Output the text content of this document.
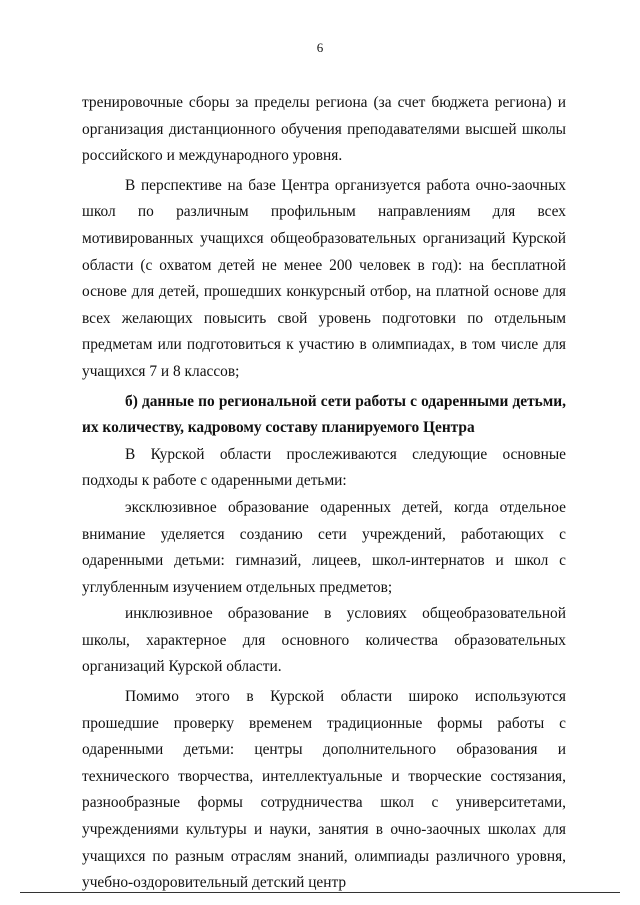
6

тренировочные сборы за пределы региона (за счет бюджета региона) и организация дистанционного обучения преподавателями высшей школы российского и международного уровня.

В перспективе на базе Центра организуется работа очно-заочных школ по различным профильным направлениям для всех мотивированных учащихся общеобразовательных организаций Курской области (с охватом детей не менее 200 человек в год): на бесплатной основе для детей, прошедших конкурсный отбор, на платной основе для всех желающих повысить свой уровень подготовки по отдельным предметам или подготовиться к участию в олимпиадах, в том числе для учащихся 7 и 8 классов;

б) данные по региональной сети работы с одаренными детьми, их количеству, кадровому составу планируемого Центра

В Курской области прослеживаются следующие основные подходы к работе с одаренными детьми:

эксклюзивное образование одаренных детей, когда отдельное внимание уделяется созданию сети учреждений, работающих с одаренными детьми: гимназий, лицеев, школ-интернатов и школ с углубленным изучением отдельных предметов;

инклюзивное образование в условиях общеобразовательной школы, характерное для основного количества образовательных организаций Курской области.

Помимо этого в Курской области широко используются прошедшие проверку временем традиционные формы работы с одаренными детьми: центры дополнительного образования и технического творчества, интеллектуальные и творческие состязания, разнообразные формы сотрудничества школ с университетами, учреждениями культуры и науки, занятия в очно-заочных школах для учащихся по разным отраслям знаний, олимпиады различного уровня, учебно-оздоровительный детский центр
